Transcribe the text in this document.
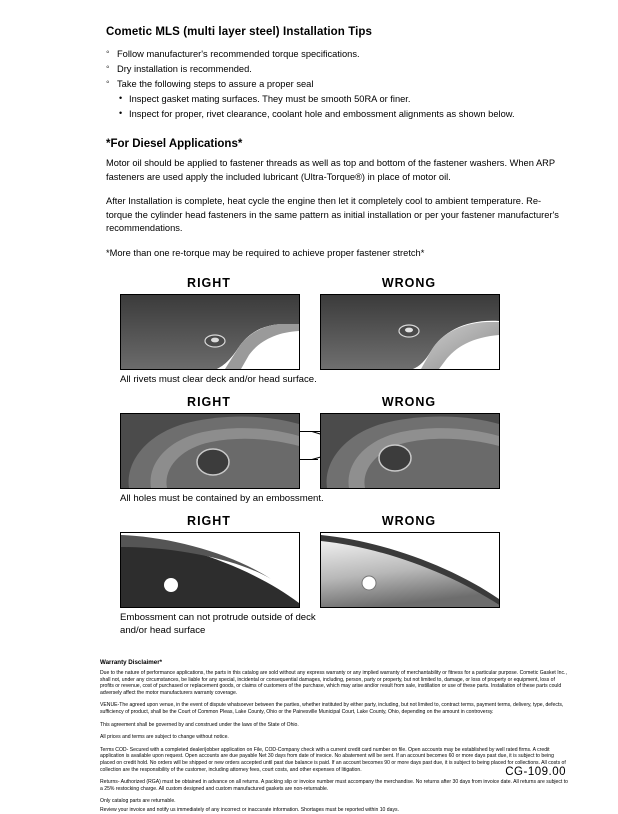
Cometic MLS (multi layer steel) Installation Tips
◦ Follow manufacturer's recommended torque specifications.
◦ Dry installation is recommended.
◦ Take the following steps to assure a proper seal
• Inspect gasket mating surfaces. They must be smooth 50RA or finer.
• Inspect for proper, rivet clearance, coolant hole and embossment alignments as shown below.
*For Diesel Applications*

Motor oil should be applied to fastener threads as well as top and bottom of the fastener washers. When ARP fasteners are used apply the included lubricant (Ultra-Torque®) in place of motor oil.

After Installation is complete, heat cycle the engine then let it completely cool to ambient temperature. Re-torque the cylinder head fasteners in the same pattern as initial installation or per your fastener manufacturer's recommendations.

*More than one re-torque may be required to achieve proper fastener stretch*

RIGHT	WRONG

All rivets must clear deck and/or head surface.

RIGHT	WRONG

All holes must be contained by an embossment.

RIGHT	WRONG

Embossment can not protrude outside of deck
and/or head surface

Warranty Disclaimer*

Due to the nature of performance applications, the parts in this catalog are sold without any express warranty or any implied warranty of merchantability or fitness for a particular purpose. Cometic Gasket Inc., shall not, under any circumstances, be liable for any special, incidental or consequential damages, including, person, party or property, but not limited to, damage, or loss of property or equipment, loss of profits or revenue, cost of purchased or replacement goods, or claims of customers of the purchase, which may arise and/or result from sale, instillation or use of these parts. Installation of these parts could adversely affect the motor manufacturers warranty coverage.

VENUE-The agreed upon venue, in the event of dispute whatsoever between the parties, whether instituted by either party, including, but not limited to, contract terms, payment terms, delivery, type, defects, sufficiency of product, shall be the Court of Common Pleas, Lake County, Ohio or the Painesville Municipal Court, Lake County, Ohio, depending on the amount in controversy.

This agreement shall be governed by and construed under the laws of the State of Ohio.

All prices and terms are subject to change without notice.

Terms COD- Secured with a completed dealer/jobber application on File, COD-Company check with a current credit card number on file. Open accounts may be established by well rated firms. A credit application is available upon request. Open accounts are due payable Net 30 days from date of invoice. No abatement will be sent. If an account becomes 60 or more days past due, it is subject to being placed on credit hold. No orders will be shipped or new orders accepted until past due balance is paid. If an account becomes 90 or more days past due, it is subject to being placed for collections. All costs of collection are the responsibility of the customer, including attorney fees, court costs, and other expenses of litigation.

Returns- Authorized (RGA) must be obtained in advance on all returns. A packing slip or invoice number must accompany the merchandise. No returns after 30 days from invoice date. All returns are subject to a 25% restocking charge. All custom designed and custom manufactured gaskets are non-returnable.

Only catalog parts are returnable.

Review your invoice and notify us immediately of any incorrect or inaccurate information. Shortages must be reported within 10 days.

CG-109.00
